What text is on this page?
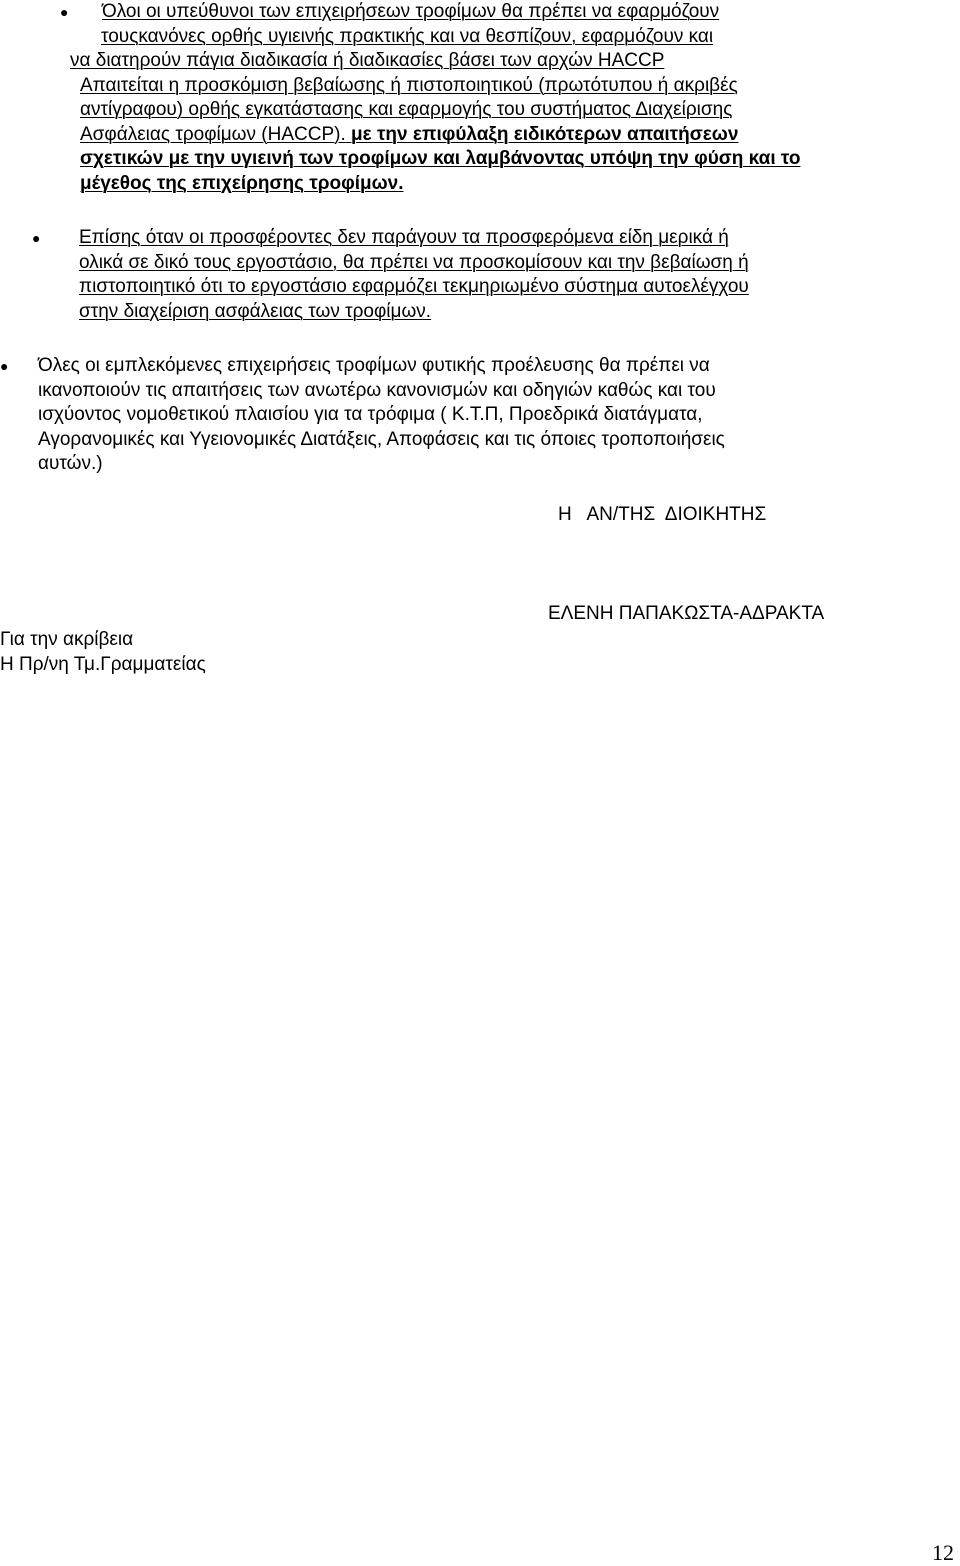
●	Όλοι οι υπεύθυνοι των επιχειρήσεων τροφίμων θα πρέπει να εφαρμόζουν
τουςκανόνες ορθής υγιεινής πρακτικής και να θεσπίζουν, εφαρμόζουν και
να διατηρούν πάγια διαδικασία ή διαδικασίες βάσει των αρχών HACCP
Απαιτείται η προσκόμιση βεβαίωσης ή πιστοποιητικού (πρωτότυπου ή ακριβές
αντίγραφου) ορθής εγκατάστασης και εφαρμογής του συστήματος Διαχείρισης
Ασφάλειας τροφίμων (HACCP). με την επιφύλαξη ειδικότερων απαιτήσεων
σχετικών με την υγιεινή των τροφίμων και λαμβάνοντας υπόψη την φύση και το
μέγεθος της επιχείρησης τροφίμων.
● Επίσης όταν οι προσφέροντες δεν παράγουν τα προσφερόμενα είδη μερικά ή
ολικά σε δικό τους εργοστάσιο, θα πρέπει να προσκομίσουν και την βεβαίωση ή
πιστοποιητικό ότι το εργοστάσιο εφαρμόζει τεκμηριωμένο σύστημα αυτοελέγχου
στην διαχείριση ασφάλειας των τροφίμων.
● Όλες οι εμπλεκόμενες επιχειρήσεις τροφίμων φυτικής προέλευσης θα πρέπει να
ικανοποιούν τις απαιτήσεις των ανωτέρω κανονισμών και οδηγιών καθώς και του
ισχύοντος νομοθετικού πλαισίου για τα τρόφιμα ( Κ.Τ.Π, Προεδρικά διατάγματα,
Αγορανομικές και Υγειονομικές Διατάξεις, Αποφάσεις και τις όποιες τροποποιήσεις
αυτών.)
Η   ΑΝ/ΤΗΣ  ΔΙΟΙΚΗΤΗΣ
ΕΛΕΝΗ ΠΑΠΑΚΩΣΤΑ-ΑΔΡΑΚΤΑ
Για την ακρίβεια
Η Πρ/νη Τμ.Γραμματείας
12
